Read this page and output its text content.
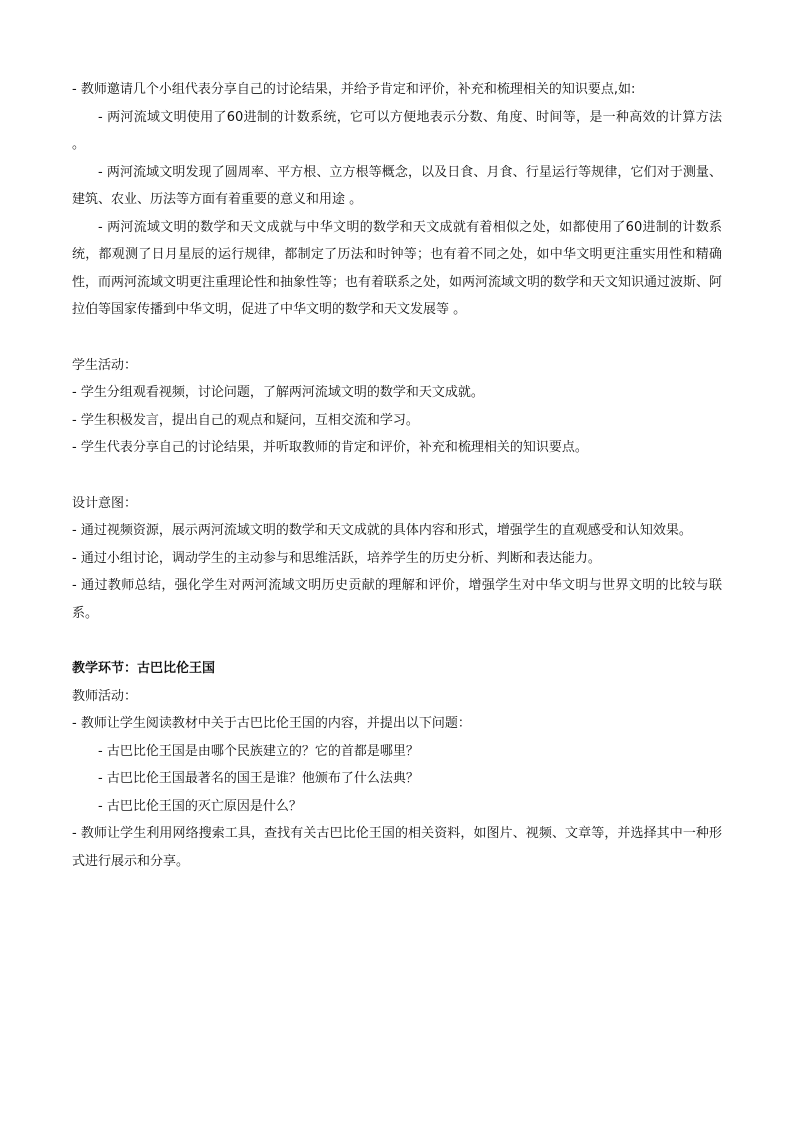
- 教师邀请几个小组代表分享自己的讨论结果，并给予肯定和评价，补充和梳理相关的知识要点,如:

- 两河流域文明使用了60进制的计数系统，它可以方便地表示分数、角度、时间等，是一种高效的计算方法 。

- 两河流域文明发现了圆周率、平方根、立方根等概念，以及日食、月食、行星运行等规律，它们对于测量、建筑、农业、历法等方面有着重要的意义和用途 。

- 两河流域文明的数学和天文成就与中华文明的数学和天文成就有着相似之处，如都使用了60进制的计数系统，都观测了日月星辰的运行规律，都制定了历法和时钟等；也有着不同之处，如中华文明更注重实用性和精确性，而两河流域文明更注重理论性和抽象性等；也有着联系之处，如两河流域文明的数学和天文知识通过波斯、阿拉伯等国家传播到中华文明，促进了中华文明的数学和天文发展等 。

学生活动：

- 学生分组观看视频，讨论问题，了解两河流域文明的数学和天文成就。

- 学生积极发言，提出自己的观点和疑问，互相交流和学习。

- 学生代表分享自己的讨论结果，并听取教师的肯定和评价，补充和梳理相关的知识要点。

设计意图：

- 通过视频资源，展示两河流域文明的数学和天文成就的具体内容和形式，增强学生的直观感受和认知效果。

- 通过小组讨论，调动学生的主动参与和思维活跃，培养学生的历史分析、判断和表达能力。

- 通过教师总结，强化学生对两河流域文明历史贡献的理解和评价，增强学生对中华文明与世界文明的比较与联系。

教学环节：古巴比伦王国

教师活动：

- 教师让学生阅读教材中关于古巴比伦王国的内容，并提出以下问题：

- 古巴比伦王国是由哪个民族建立的？它的首都是哪里？

- 古巴比伦王国最著名的国王是谁？他颁布了什么法典？

- 古巴比伦王国的灭亡原因是什么？

- 教师让学生利用网络搜索工具，查找有关古巴比伦王国的相关资料，如图片、视频、文章等，并选择其中一种形式进行展示和分享。
